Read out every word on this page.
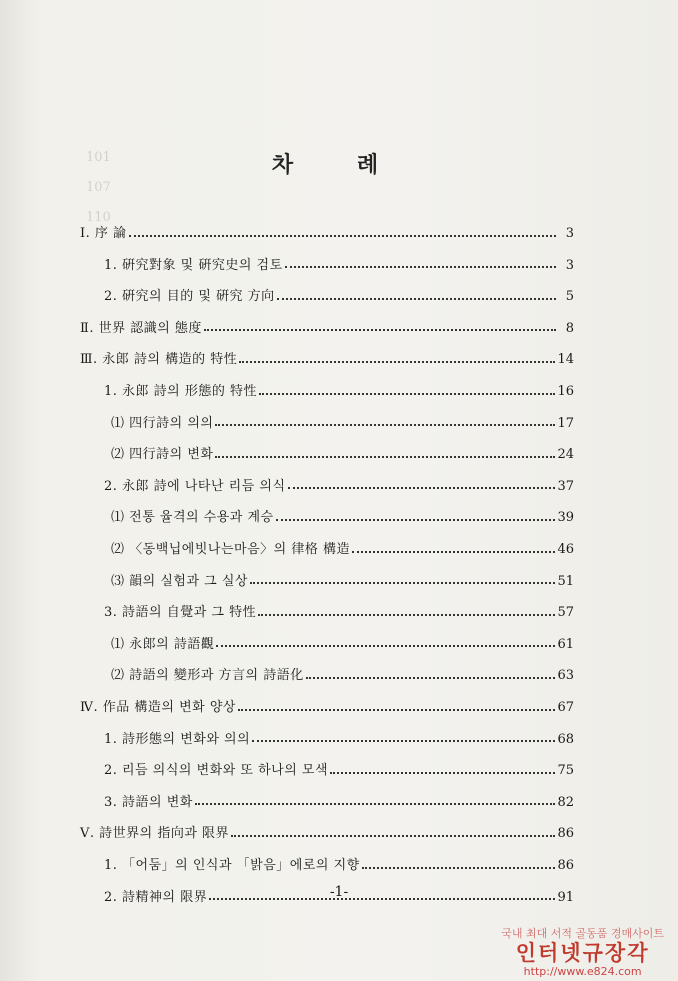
101
107
110
차 례
Ⅰ. 序 論	3
1. 硏究對象 및 硏究史의 검토	3
2. 硏究의 目的 및 硏究 方向	5
Ⅱ. 世界 認識의 態度	8
Ⅲ. 永郎 詩의 構造的 特性	14
1. 永郎 詩의 形態的 特性	16
⑴ 四行詩의 의의	17
⑵ 四行詩의 변화	24
2. 永郎 詩에 나타난 리듬 의식	37
⑴ 전통 율격의 수용과 계승	39
⑵ 〈동백닙에빗나는마음〉의 律格 構造	46
⑶ 韻의 실험과 그 실상	51
3. 詩語의 自覺과 그 特性	57
⑴ 永郎의 詩語觀	61
⑵ 詩語의 變形과 方言의 詩語化	63
Ⅳ. 作品 構造의 변화 양상	67
1. 詩形態의 변화와 의의	68
2. 리듬 의식의 변화와 또 하나의 모색	75
3. 詩語의 변화	82
Ⅴ. 詩世界의 指向과 限界	86
1. 「어둠」의 인식과 「밝음」에로의 지향	86
2. 詩精神의 限界	91
-1-
국내 최대 서적 골동품 경매사이트
인터넷규장각
http://www.e824.com
